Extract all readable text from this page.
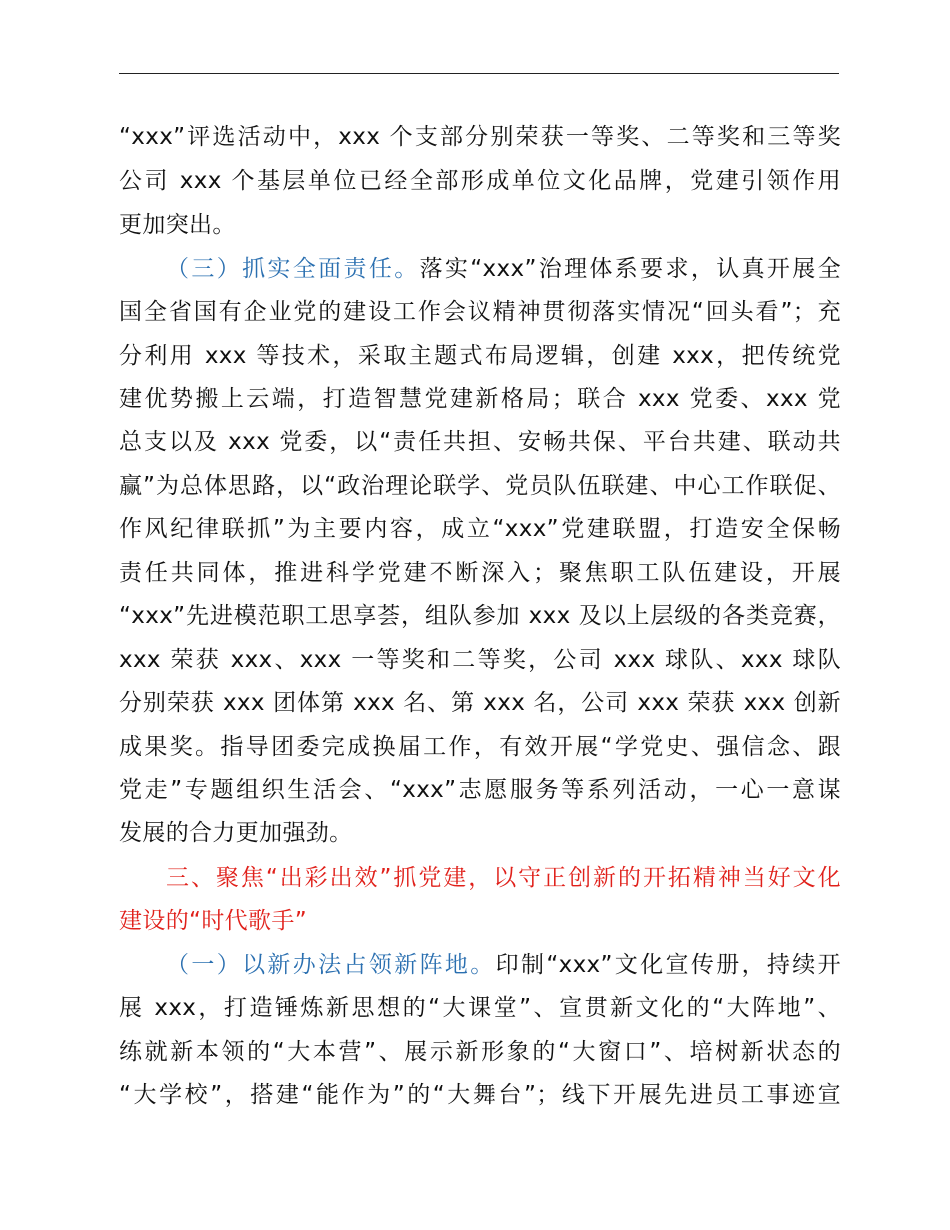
“xxx”评选活动中，xxx 个支部分别荣获一等奖、二等奖和三等奖
公司 xxx 个基层单位已经全部形成单位文化品牌，党建引领作用
更加突出。
（三）抓实全面责任。落实“xxx”治理体系要求，认真开展全
国全省国有企业党的建设工作会议精神贯彻落实情况“回头看”；充
分利用 xxx 等技术，采取主题式布局逻辑，创建 xxx，把传统党
建优势搬上云端，打造智慧党建新格局；联合 xxx 党委、xxx 党
总支以及 xxx 党委，以“责任共担、安畅共保、平台共建、联动共
赢”为总体思路，以“政治理论联学、党员队伍联建、中心工作联促、
作风纪律联抓”为主要内容，成立“xxx”党建联盟，打造安全保畅
责任共同体，推进科学党建不断深入；聚焦职工队伍建设，开展
“xxx”先进模范职工思享荟，组队参加 xxx 及以上层级的各类竞赛，
xxx 荣获 xxx、xxx 一等奖和二等奖，公司 xxx 球队、xxx 球队
分别荣获 xxx 团体第 xxx 名、第 xxx 名，公司 xxx 荣获 xxx 创新
成果奖。指导团委完成换届工作，有效开展“学党史、强信念、跟
党走”专题组织生活会、“xxx”志愿服务等系列活动，一心一意谋
发展的合力更加强劲。
三、聚焦“出彩出效”抓党建，以守正创新的开拓精神当好文化
建设的“时代歌手”
（一）以新办法占领新阵地。印制“xxx”文化宣传册，持续开
展 xxx，打造锤炼新思想的“大课堂”、宣贯新文化的“大阵地”、
练就新本领的“大本营”、展示新形象的“大窗口”、培树新状态的
“大学校”，搭建“能作为”的“大舞台”；线下开展先进员工事迹宣
